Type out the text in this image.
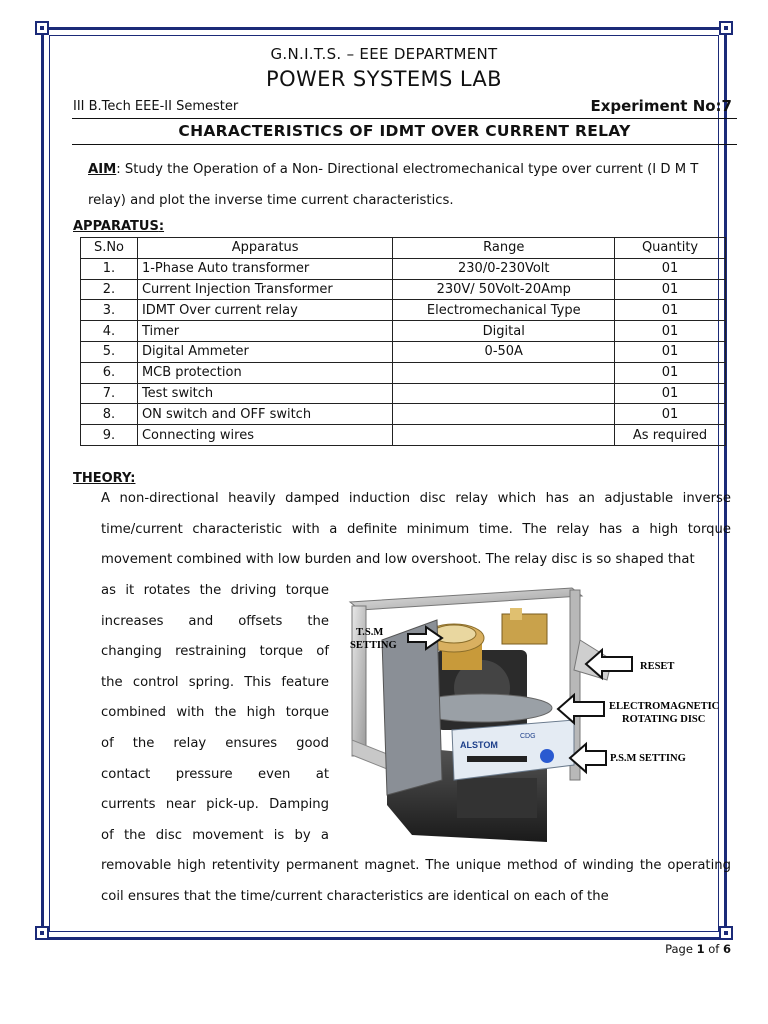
G.N.I.T.S. – EEE DEPARTMENT
POWER SYSTEMS LAB
III B.Tech EEE-II Semester	Experiment No:7
CHARACTERISTICS OF IDMT OVER CURRENT RELAY
AIM: Study the Operation of a Non- Directional electromechanical type over current (I D M T relay) and plot the inverse time current characteristics.
APPARATUS:
S.No	Apparatus	Range	Quantity
1.	1-Phase Auto transformer	230/0-230Volt	01
2.	Current Injection Transformer	230V/ 50Volt-20Amp	01
3.	IDMT Over current relay	Electromechanical Type	01
4.	Timer	Digital	01
5.	Digital Ammeter	0-50A	01
6.	MCB protection		01
7.	Test switch		01
8.	ON switch and OFF switch		01
9.	Connecting wires		As required
THEORY:
A non-directional heavily damped induction disc relay which has an adjustable inverse time/current characteristic with a definite minimum time. The relay has a high torque movement combined with low burden and low overshoot. The relay disc is so shaped that

as it rotates the driving torque

increases and offsets the

changing restraining torque of

the control spring. This feature

combined with the high torque

of the relay ensures good

contact pressure even at

currents near pick-up. Damping

of the disc movement is by a

removable high retentivity permanent magnet. The unique method of winding the operating coil ensures that the time/current characteristics are identical on each of the
ALSTOM
CDG
T.S.M
SETTING
RESET
ELECTROMAGNETIC
ROTATING DISC
P.S.M SETTING
Page 1 of 6
